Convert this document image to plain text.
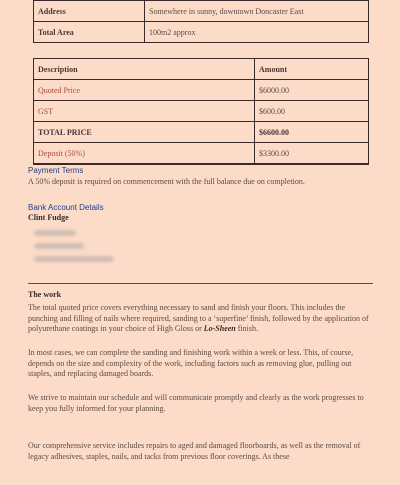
Address	Somewhere in sunny, downtown Doncaster East
Total Area	100m2 approx
Description	Amount
Quoted Price	$6000.00
GST	$600.00
TOTAL PRICE	$6600.00
Deposit (50%)	$3300.00
Payment Terms
A 50% deposit is required on commencement with the full balance due on completion.
Bank Account Details
Clint Fudge
The work
The total quoted price covers everything necessary to sand and finish your floors. This includes the punching and filling of nails where required, sanding to a ‘superfine’ finish, followed by the application of polyurethane coatings in your choice of High Gloss or Lo-Sheen finish.
In most cases, we can complete the sanding and finishing work within a week or less. This, of course, depends on the size and complexity of the work, including factors such as removing glue, pulling out staples, and replacing damaged boards.
We strive to maintain our schedule and will communicate promptly and clearly as the work progresses to keep you fully informed for your planning.
Our comprehensive service includes repairs to aged and damaged floorboards, as well as the removal of legacy adhesives, staples, nails, and tacks from previous floor coverings. As these
